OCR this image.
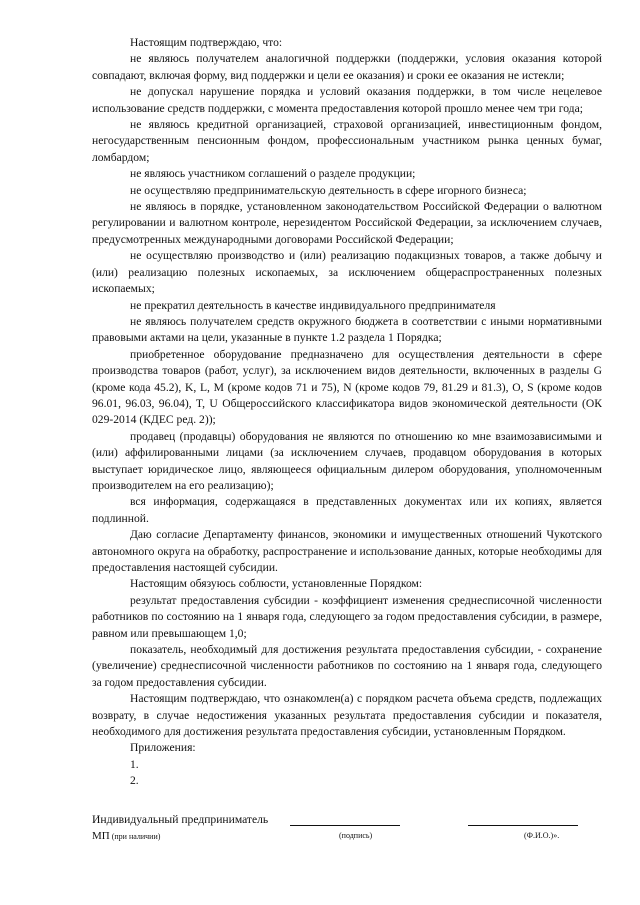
Настоящим подтверждаю, что:

не являюсь получателем аналогичной поддержки (поддержки, условия оказания которой совпадают, включая форму, вид поддержки и цели ее оказания) и сроки ее оказания не истекли;

не допускал нарушение порядка и условий оказания поддержки, в том числе нецелевое использование средств поддержки, с момента предоставления которой прошло менее чем три года;

не являюсь кредитной организацией, страховой организацией, инвестиционным фондом, негосударственным пенсионным фондом, профессиональным участником рынка ценных бумаг, ломбардом;

не являюсь участником соглашений о разделе продукции;

не осуществляю предпринимательскую деятельность в сфере игорного бизнеса;

не являюсь в порядке, установленном законодательством Российской Федерации о валютном регулировании и валютном контроле, нерезидентом Российской Федерации, за исключением случаев, предусмотренных международными договорами Российской Федерации;

не осуществляю производство и (или) реализацию подакцизных товаров, а также добычу и (или) реализацию полезных ископаемых, за исключением общераспространенных полезных ископаемых;

не прекратил деятельность в качестве индивидуального предпринимателя

не являюсь получателем средств окружного бюджета в соответствии с иными нормативными правовыми актами на цели, указанные в пункте 1.2 раздела 1 Порядка;

приобретенное оборудование предназначено для осуществления деятельности в сфере производства товаров (работ, услуг), за исключением видов деятельности, включенных в разделы G (кроме кода 45.2), K, L, M (кроме кодов 71 и 75), N (кроме кодов 79, 81.29 и 81.3), O, S (кроме кодов 96.01, 96.03, 96.04), T, U Общероссийского классификатора видов экономической деятельности (ОК 029-2014 (КДЕС ред. 2));

продавец (продавцы) оборудования не являются по отношению ко мне взаимозависимыми и (или) аффилированными лицами (за исключением случаев, продавцом оборудования в которых выступает юридическое лицо, являющееся официальным дилером оборудования, уполномоченным производителем на его реализацию);

вся информация, содержащаяся в представленных документах или их копиях, является подлинной.

Даю согласие Департаменту финансов, экономики и имущественных отношений Чукотского автономного округа на обработку, распространение и использование данных, которые необходимы для предоставления настоящей субсидии.

Настоящим обязуюсь соблюсти, установленные Порядком:

результат предоставления субсидии - коэффициент изменения среднесписочной численности работников по состоянию на 1 января года, следующего за годом предоставления субсидии, в размере, равном или превышающем 1,0;

показатель, необходимый для достижения результата предоставления субсидии, - сохранение (увеличение) среднесписочной численности работников по состоянию на 1 января года, следующего за годом предоставления субсидии.

Настоящим подтверждаю, что ознакомлен(а) с порядком расчета объема средств, подлежащих возврату, в случае недостижения указанных результата предоставления субсидии и показателя, необходимого для достижения результата предоставления субсидии, установленным Порядком.

Приложения:

1.

2.

Индивидуальный предприниматель
МП (при наличии)	(подпись)	(Ф.И.О.)».
